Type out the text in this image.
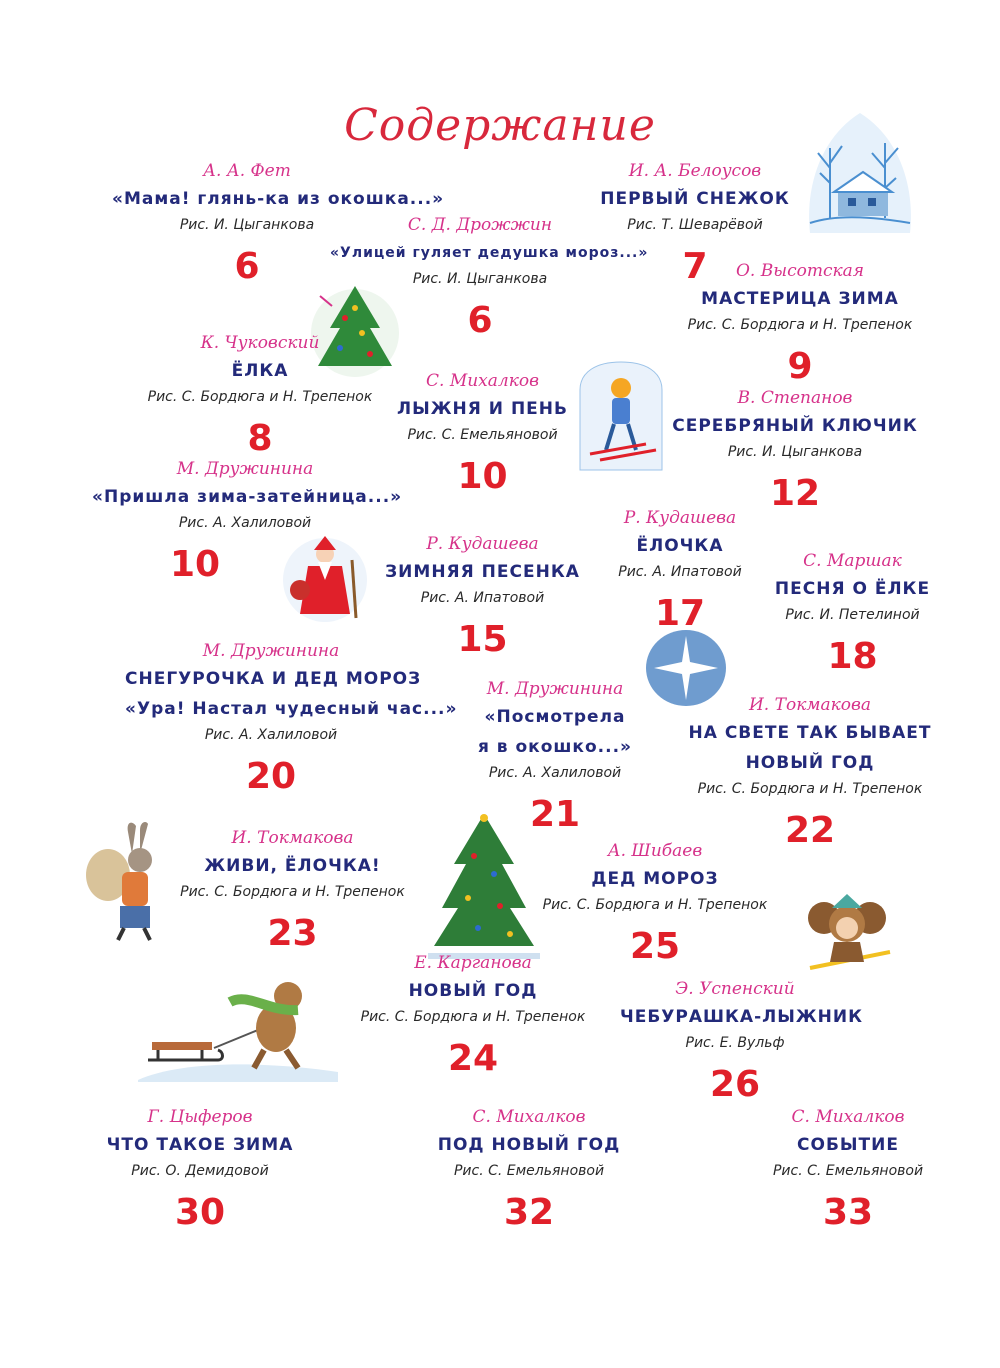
Содержание
А. А. Фет
«Мама! глянь-ка из окошка...»
Рис. И. Цыганкова
6
С. Д. Дрожжин
«Улицей гуляет дедушка мороз...»
Рис. И. Цыганкова
6
И. А. Белоусов
ПЕРВЫЙ СНЕЖОК
Рис. Т. Шеварёвой
7	О. Высотская
МАСТЕРИЦА ЗИМА
Рис. С. Бордюга и Н. Трепенок
9
К. Чуковский
ЁЛКА
Рис. С. Бордюга и Н. Трепенок
8
С. Михалков
ЛЫЖНЯ И ПЕНЬ
Рис. С. Емельяновой
10
В. Степанов
СЕРЕБРЯНЫЙ КЛЮЧИК
Рис. И. Цыганкова
12
М. Дружинина
«Пришла зима-затейница...»
Рис. А. Халиловой
10	Р. Кудашева
ЗИМНЯЯ ПЕСЕНКА
Рис. А. Ипатовой
15
Р. Кудашева
ЁЛОЧКА
Рис. А. Ипатовой
17
С. Маршак
ПЕСНЯ О ЁЛКЕ
Рис. И. Петелиной
18
М. Дружинина
СНЕГУРОЧКА И ДЕД МОРОЗ
«Ура! Настал чудесный час...»
Рис. А. Халиловой
20
М. Дружинина
«Посмотрела
я в окошко...»
Рис. А. Халиловой
21
И. Токмакова
НА СВЕТЕ ТАК БЫВАЕТ
НОВЫЙ ГОД
Рис. С. Бордюга и Н. Трепенок
22
И. Токмакова
ЖИВИ, ЁЛОЧКА!
Рис. С. Бордюга и Н. Трепенок
23
А. Шибаев
ДЕД МОРОЗ
Рис. С. Бордюга и Н. Трепенок
25
Е. Карганова
НОВЫЙ ГОД
Рис. С. Бордюга и Н. Трепенок
24
Э. Успенский
ЧЕБУРАШКА-ЛЫЖНИК
Рис. Е. Вульф
26
Г. Цыферов
ЧТО ТАКОЕ ЗИМА
Рис. О. Демидовой
30
С. Михалков
ПОД НОВЫЙ ГОД
Рис. С. Емельяновой
32
С. Михалков
СОБЫТИЕ
Рис. С. Емельяновой
33
